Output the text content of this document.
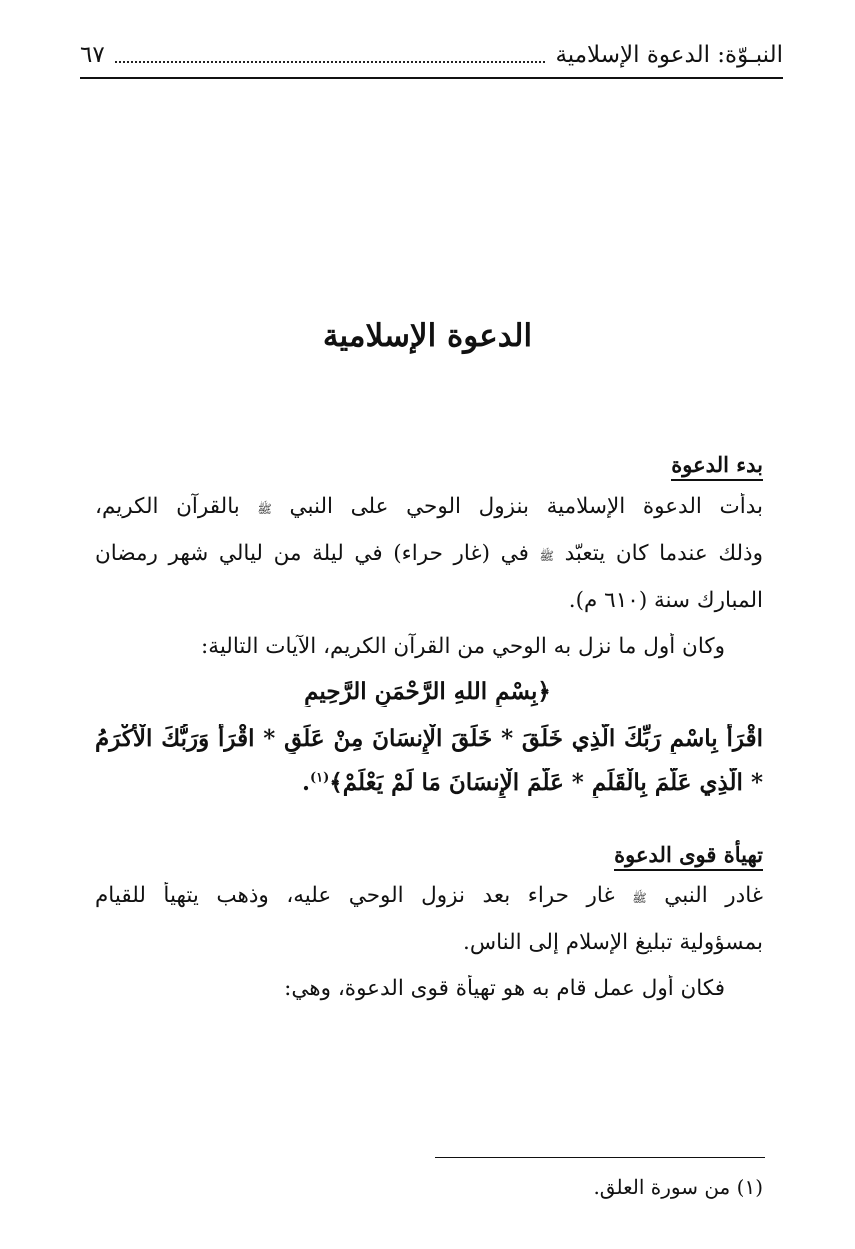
النبـوّة: الدعوة الإسلامية
٦٧
الدعوة الإسلامية
بدء الدعوة
بدأت الدعوة الإسلامية بنزول الوحي على النبي ﷺ بالقرآن الكريم،
وذلك عندما كان يتعبّد ﷺ في (غار حراء) في ليلة من ليالي شهر رمضان
المبارك سنة (٦١٠ م).
وكان أول ما نزل به الوحي من القرآن الكريم، الآيات التالية:
﴿بِسْمِ اللهِ الرَّحْمَنِ الرَّحِيمِ
اقْرَأْ بِاسْمِ رَبِّكَ الَّذِي خَلَقَ * خَلَقَ الْإِنسَانَ مِنْ عَلَقٍ * اقْرَأْ وَرَبُّكَ الْأَكْرَمُ
* الَّذِي عَلَّمَ بِالْقَلَمِ * عَلَّمَ الْإِنسَانَ مَا لَمْ يَعْلَمْ﴾$^{(١)}$.
تهيأة قوى الدعوة
غادر النبي ﷺ غار حراء بعد نزول الوحي عليه، وذهب يتهيأ للقيام
بمسؤولية تبليغ الإسلام إلى الناس.
فكان أول عمل قام به هو تهيأة قوى الدعوة، وهي:
(١) من سورة العلق.
